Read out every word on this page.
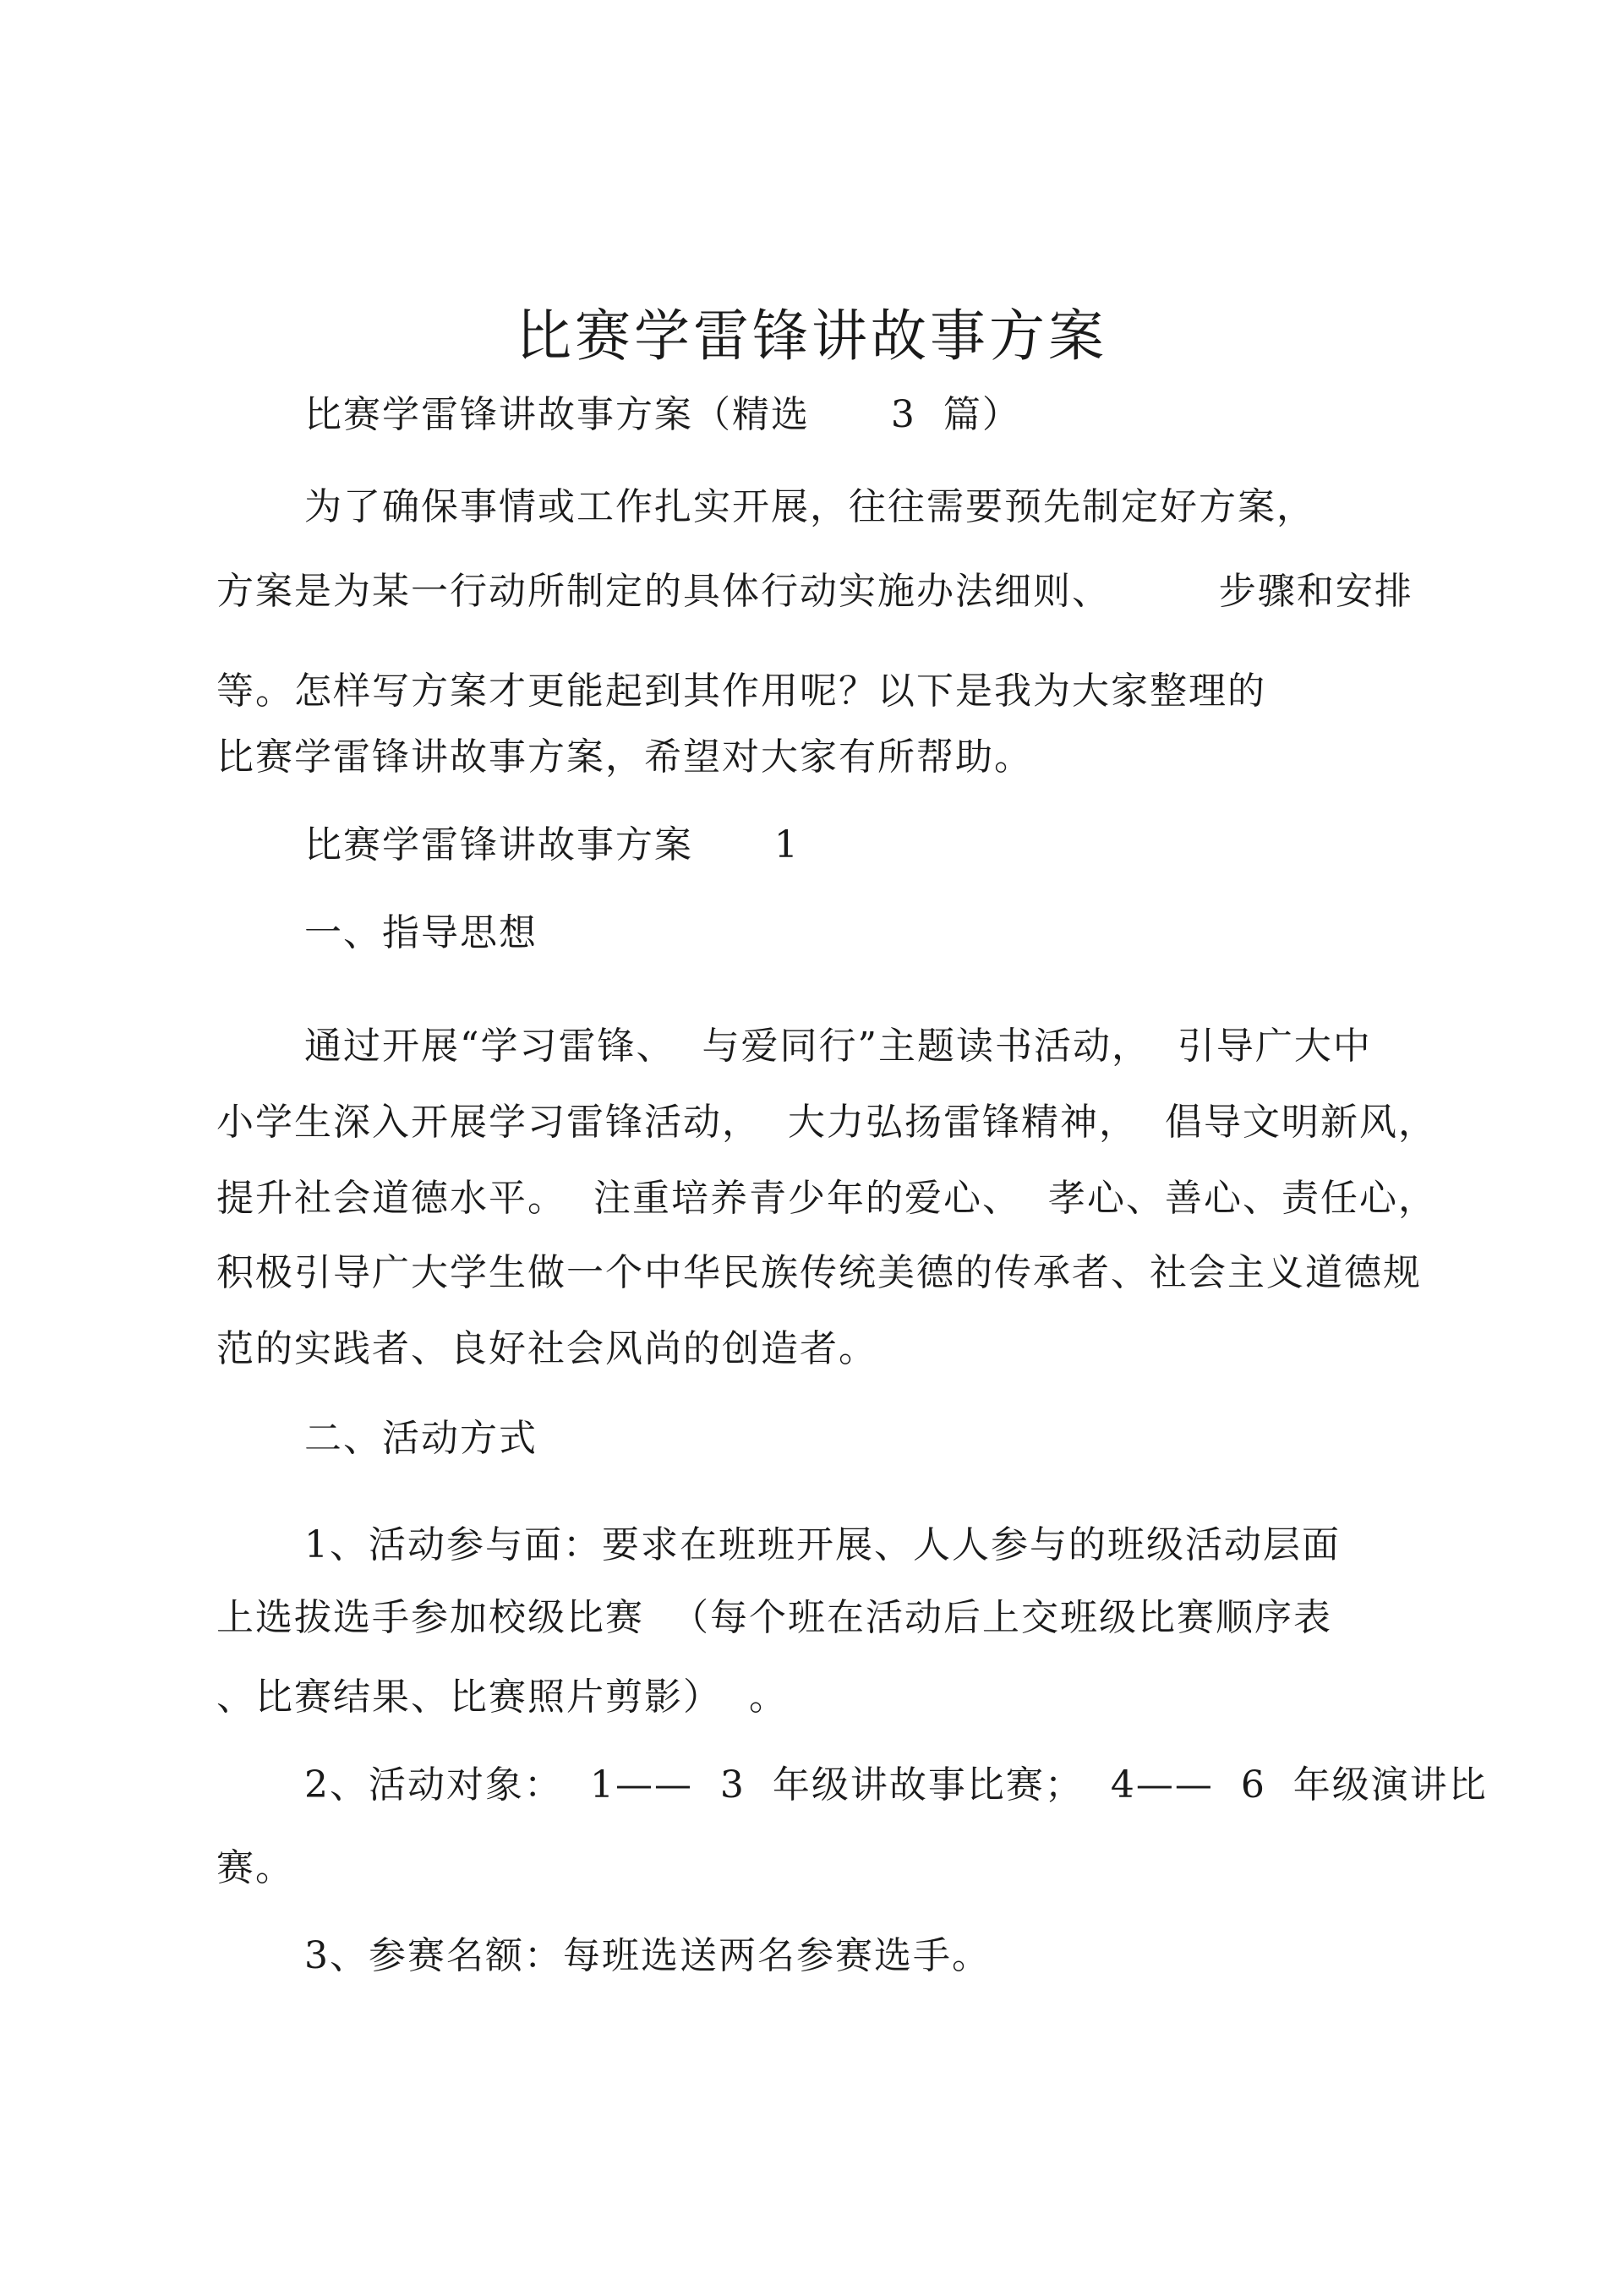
比赛学雷锋讲故事方案
比赛学雷锋讲故事方案（精选      3  篇）
为了确保事情或工作扎实开展，往往需要预先制定好方案，
方案是为某一行动所制定的具体行动实施办法细则、        步骤和安排
等。怎样写方案才更能起到其作用呢？以下是我为大家整理的
比赛学雷锋讲故事方案，希望对大家有所帮助。
比赛学雷锋讲故事方案      1
一、指导思想
通过开展“学习雷锋、  与爱同行”主题读书活动，  引导广大中
小学生深入开展学习雷锋活动，  大力弘扬雷锋精神，  倡导文明新风，
提升社会道德水平。  注重培养青少年的爱心、  孝心、善心、责任心，
积极引导广大学生做一个中华民族传统美德的传承者、社会主义道德规
范的实践者、良好社会风尚的创造者。
二、活动方式
1、活动参与面：要求在班班开展、人人参与的班级活动层面
上选拔选手参加校级比赛  （每个班在活动后上交班级比赛顺序表
、比赛结果、比赛照片剪影）  。
2、活动对象：  1——  3  年级讲故事比赛；  4——  6  年级演讲比
赛。
3、参赛名额：每班选送两名参赛选手。
